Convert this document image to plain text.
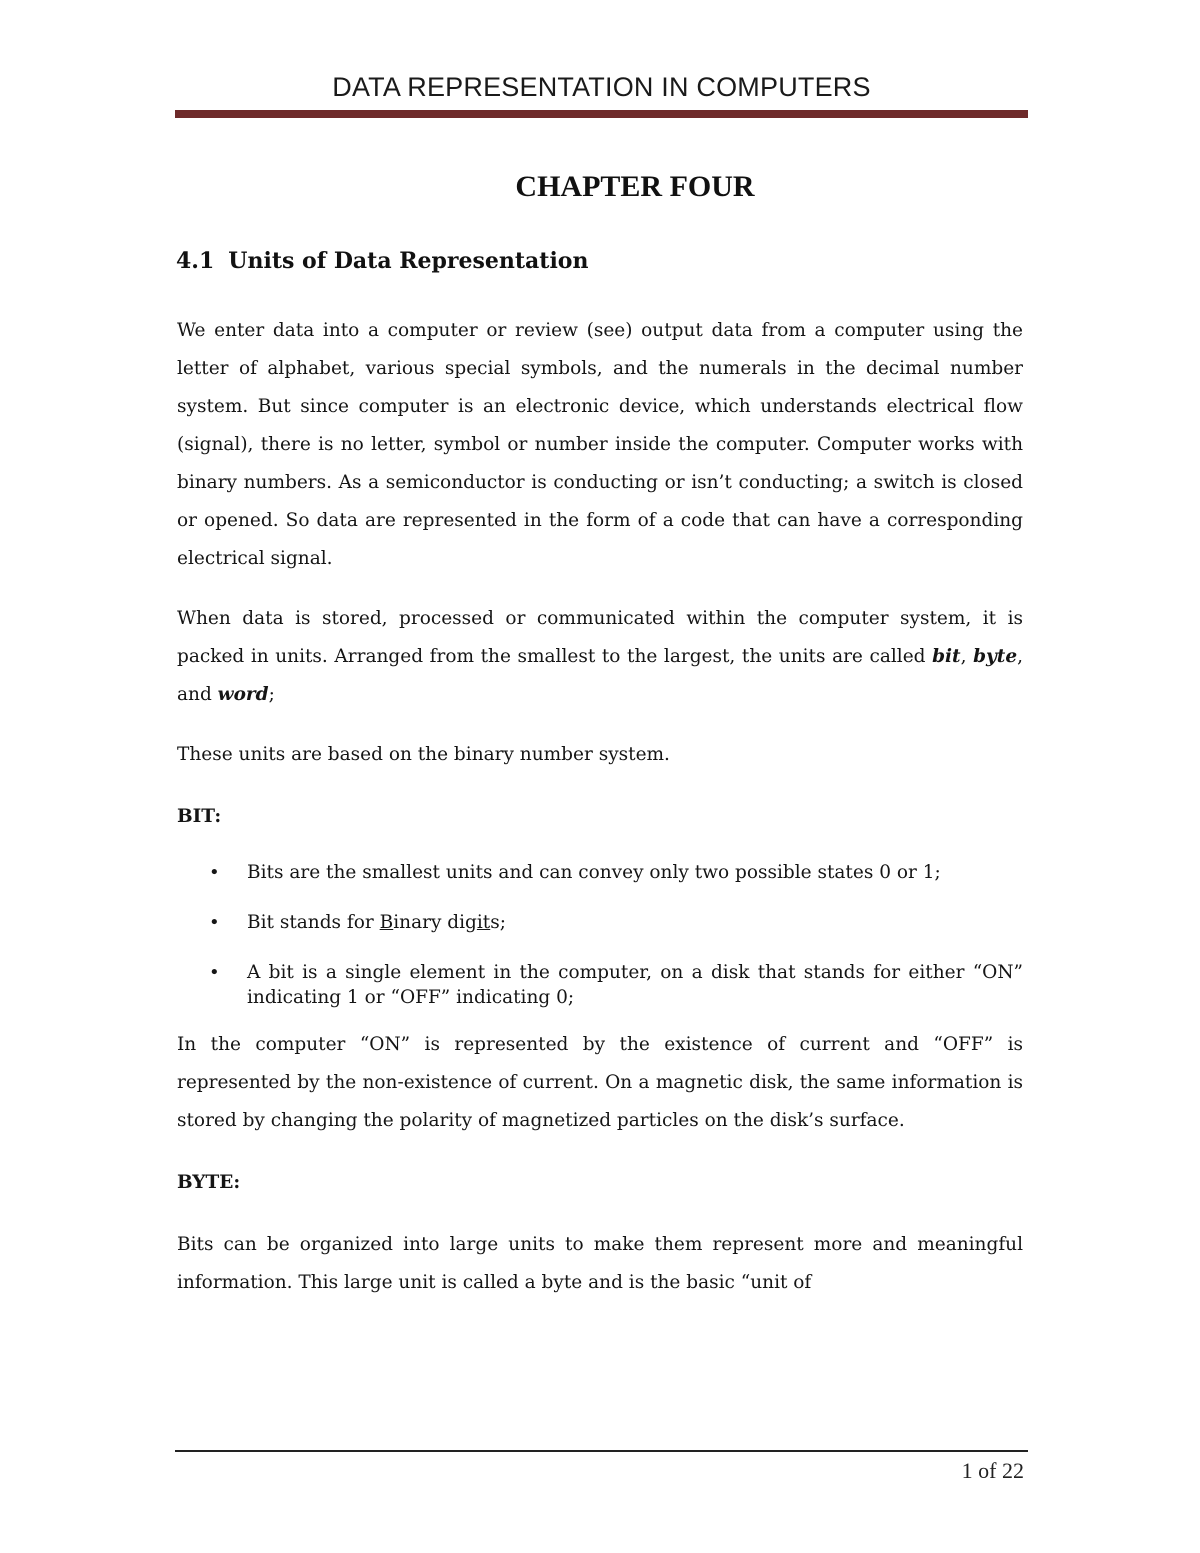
DATA REPRESENTATION IN COMPUTERS
CHAPTER FOUR
4.1 Units of Data Representation

We enter data into a computer or review (see) output data from a computer using the letter of alphabet, various special symbols, and the numerals in the decimal number system. But since computer is an electronic device, which understands electrical flow (signal), there is no letter, symbol or number inside the computer. Computer works with binary numbers. As a semiconductor is conducting or isn’t conducting; a switch is closed or opened. So data are represented in the form of a code that can have a corresponding electrical signal.

When data is stored, processed or communicated within the computer system, it is packed in units. Arranged from the smallest to the largest, the units are called bit, byte, and word;

These units are based on the binary number system.

BIT:

• Bits are the smallest units and can convey only two possible states 0 or 1;
• Bit stands for Binary digits;
• A bit is a single element in the computer, on a disk that stands for either “ON” indicating 1 or “OFF” indicating 0;

In the computer “ON” is represented by the existence of current and “OFF” is represented by the non-existence of current. On a magnetic disk, the same information is stored by changing the polarity of magnetized particles on the disk’s surface.

BYTE:

Bits can be organized into large units to make them represent more and meaningful information. This large unit is called a byte and is the basic “unit of

1 of 22
